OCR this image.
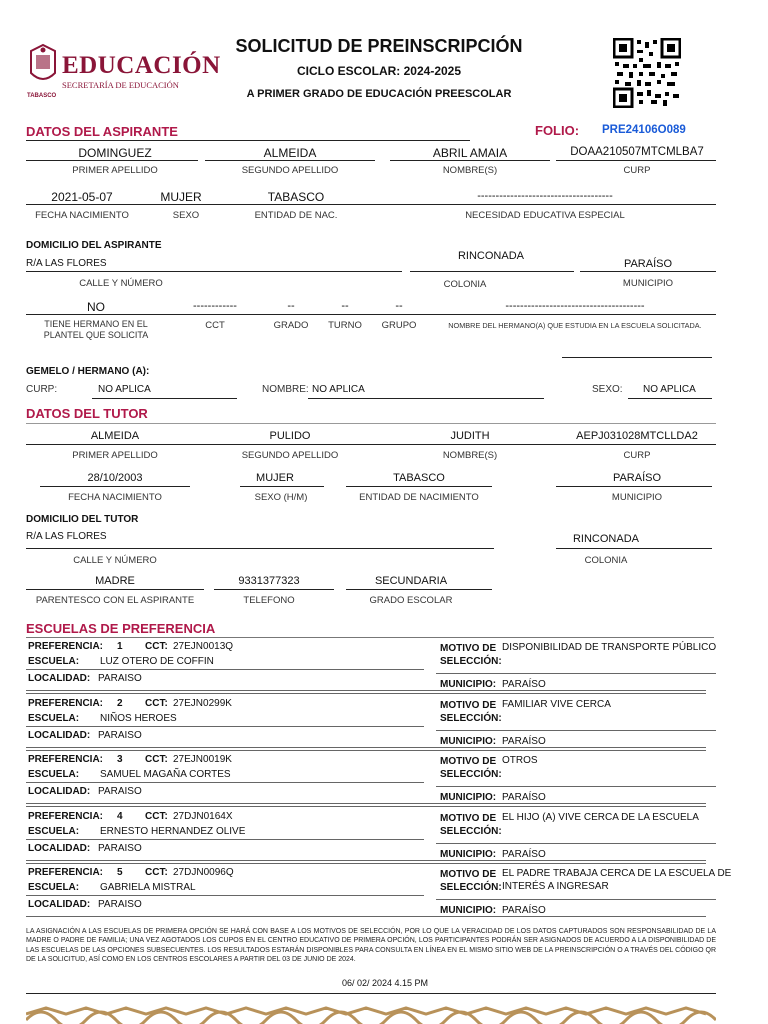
EDUCACIÓN
SECRETARÍA DE EDUCACIÓN
TABASCO
SOLICITUD DE PREINSCRIPCIÓN
CICLO ESCOLAR: 2024-2025
A PRIMER GRADO DE EDUCACIÓN PREESCOLAR
DATOS DEL ASPIRANTE	FOLIO: PRE24106O089
DOMINGUEZ	ALMEIDA	ABRIL AMAIA	DOAA210507MTCMLBA7
PRIMER APELLIDO	SEGUNDO APELLIDO	NOMBRE(S)	CURP
2021-05-07	MUJER	TABASCO	-------------------------------------
FECHA NACIMIENTO	SEXO	ENTIDAD DE NAC.	NECESIDAD EDUCATIVA ESPECIAL
DOMICILIO DEL ASPIRANTE
R/A LAS FLORES
RINCONADA
PARAÍSO
CALLE Y NÚMERO	COLONIA	MUNICIPIO
NO	------------	--	--	--	--------------------------------------
TIENE HERMANO EN EL PLANTEL QUE SOLICITA
CCT	GRADO	TURNO	GRUPO	NOMBRE DEL HERMANO(A) QUE ESTUDIA EN LA ESCUELA SOLICITADA.
GEMELO / HERMANO (A):
CURP:	NO APLICA	NOMBRE: NO APLICA	SEXO: NO APLICA
DATOS DEL TUTOR
ALMEIDA	PULIDO	JUDITH	AEPJ031028MTCLLDA2
PRIMER APELLIDO	SEGUNDO APELLIDO	NOMBRE(S)	CURP
28/10/2003	MUJER	TABASCO	PARAÍSO
FECHA NACIMIENTO	SEXO (H/M)	ENTIDAD DE NACIMIENTO	MUNICIPIO
DOMICILIO DEL TUTOR
R/A LAS FLORES	RINCONADA
CALLE Y NÚMERO	COLONIA
MADRE	9331377323	SECUNDARIA
PARENTESCO CON EL ASPIRANTE	TELEFONO	GRADO ESCOLAR
ESCUELAS DE PREFERENCIA
PREFERENCIA: 1 CCT: 27EJN0013Q
ESCUELA: LUZ OTERO DE COFFIN
LOCALIDAD: PARAISO
MOTIVO DE
SELECCIÓN:
DISPONIBILIDAD DE TRANSPORTE PÚBLICO
MUNICIPIO: PARAÍSO
PREFERENCIA: 2 CCT: 27EJN0299K
ESCUELA: NIÑOS HEROES
LOCALIDAD: PARAISO
MOTIVO DE
SELECCIÓN:
FAMILIAR VIVE CERCA
MUNICIPIO: PARAÍSO
PREFERENCIA: 3 CCT: 27EJN0019K
ESCUELA: SAMUEL MAGAÑA CORTES
LOCALIDAD: PARAISO
MOTIVO DE
SELECCIÓN:
OTROS
MUNICIPIO: PARAÍSO
PREFERENCIA: 4 CCT: 27DJN0164X
ESCUELA: ERNESTO HERNANDEZ OLIVE
LOCALIDAD: PARAISO
MOTIVO DE
SELECCIÓN:
EL HIJO (A) VIVE CERCA DE LA ESCUELA
MUNICIPIO: PARAÍSO
PREFERENCIA: 5 CCT: 27DJN0096Q
ESCUELA: GABRIELA MISTRAL
LOCALIDAD: PARAISO
MOTIVO DE
SELECCIÓN:
EL PADRE TRABAJA CERCA DE LA ESCUELA DE
INTERÉS A INGRESAR
MUNICIPIO: PARAÍSO
LA ASIGNACIÓN A LAS ESCUELAS DE PRIMERA OPCIÓN SE HARÁ CON BASE A LOS MOTIVOS DE SELECCIÓN, POR LO QUE LA VERACIDAD DE LOS DATOS CAPTURADOS SON RESPONSABILIDAD DE LA MADRE O PADRE DE FAMILIA; UNA VEZ AGOTADOS LOS CUPOS EN EL CENTRO EDUCATIVO DE PRIMERA OPCIÓN, LOS PARTICIPANTES PODRÁN SER ASIGNADOS DE ACUERDO A LA DISPONIBILIDAD DE LAS ESCUELAS DE LAS OPCIONES SUBSECUENTES. LOS RESULTADOS ESTARÁN DISPONIBLES PARA CONSULTA EN LÍNEA EN EL MISMO SITIO WEB DE LA PREINSCRIPCIÓN O A TRAVÉS DEL CÓDIGO QR DE LA SOLICITUD, ASÍ COMO EN LOS CENTROS ESCOLARES A PARTIR DEL 03 DE JUNIO DE 2024.
06/ 02/ 2024 4.15 PM
